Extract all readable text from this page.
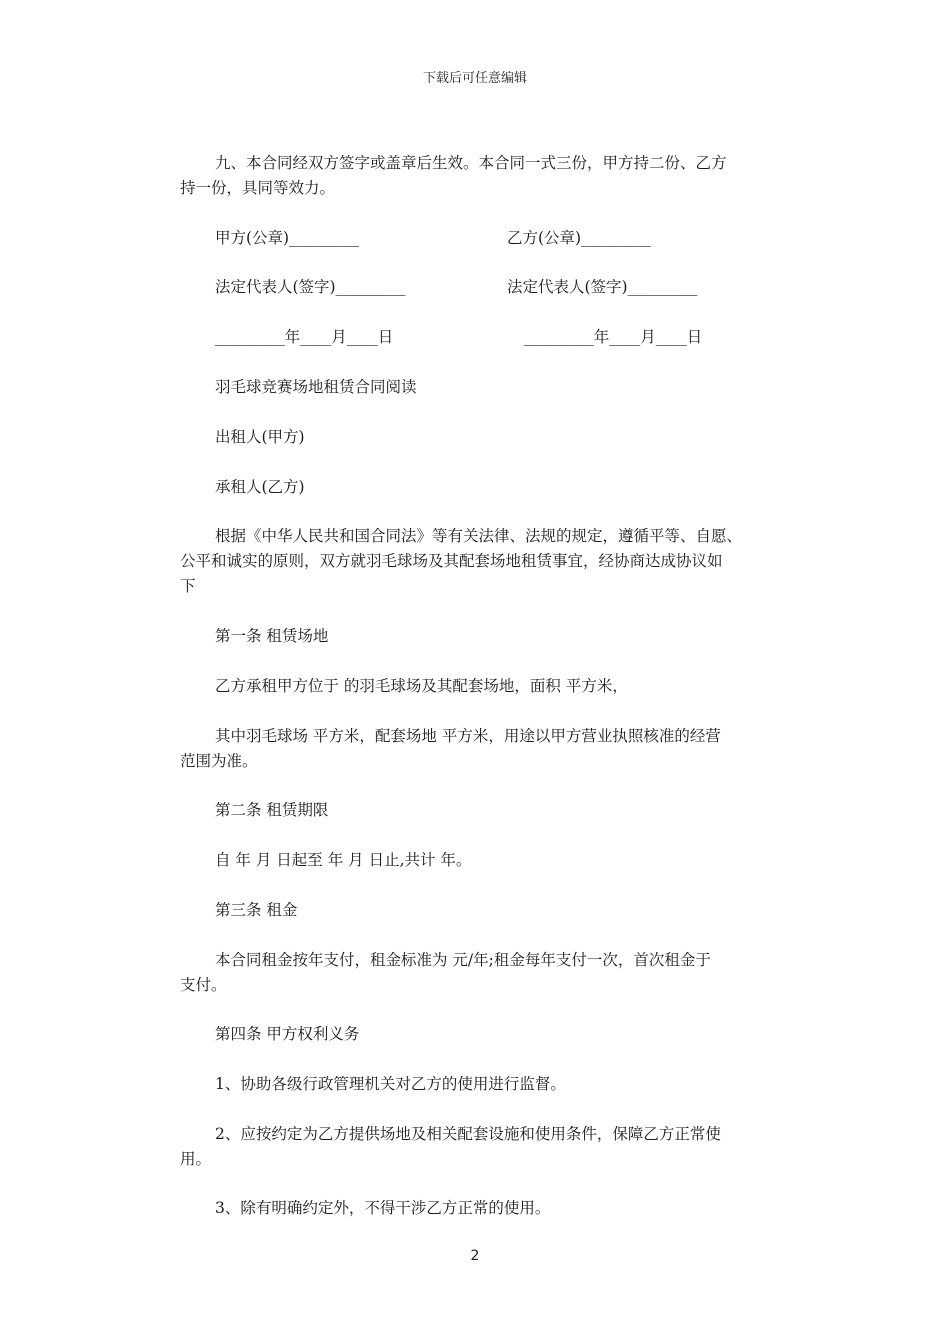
下载后可任意编辑
九、本合同经双方签字或盖章后生效。本合同一式三份，甲方持二份、乙方
持一份，具同等效力。
甲方(公章)_________	乙方(公章)_________
法定代表人(签字)_________	法定代表人(签字)_________
_________年____月____日	_________年____月____日
羽毛球竞赛场地租赁合同阅读
出租人(甲方)
承租人(乙方)
根据《中华人民共和国合同法》等有关法律、法规的规定，遵循平等、自愿、
公平和诚实的原则，双方就羽毛球场及其配套场地租赁事宜，经协商达成协议如
下
第一条 租赁场地
乙方承租甲方位于 的羽毛球场及其配套场地，面积 平方米，
其中羽毛球场 平方米，配套场地 平方米，用途以甲方营业执照核准的经营
范围为准。
第二条 租赁期限
自 年 月 日起至 年 月 日止,共计 年。
第三条 租金
本合同租金按年支付，租金标准为 元/年;租金每年支付一次，首次租金于
支付。
第四条 甲方权利义务
1、协助各级行政管理机关对乙方的使用进行监督。
2、应按约定为乙方提供场地及相关配套设施和使用条件，保障乙方正常使
用。
3、除有明确约定外，不得干涉乙方正常的使用。
2
